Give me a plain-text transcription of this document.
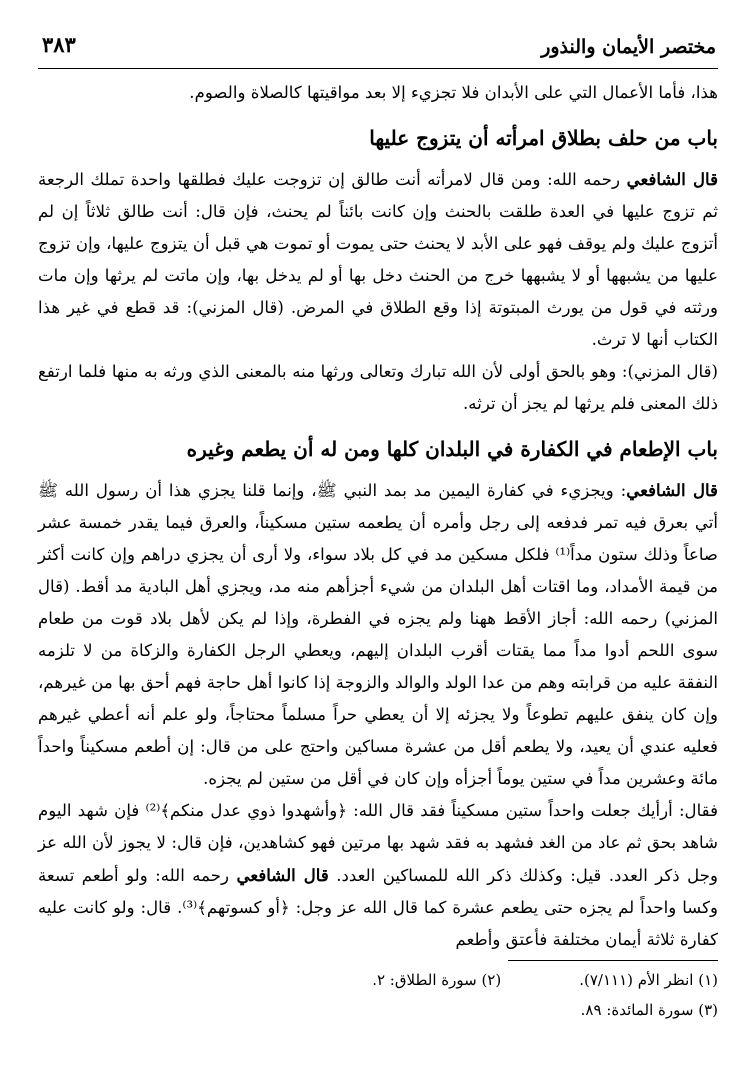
مختصر الأيمان والنذور
٣٨٣

هذا، فأما الأعمال التي على الأبدان فلا تجزيء إلا بعد مواقيتها كالصلاة والصوم.

باب من حلف بطلاق امرأته أن يتزوج عليها

قال الشافعي رحمه الله: ومن قال لامرأته أنت طالق إن تزوجت عليك فطلقها واحدة تملك الرجعة ثم تزوج عليها في العدة طلقت بالحنث وإن كانت بائناً لم يحنث، فإن قال: أنت طالق ثلاثاً إن لم أتزوج عليك ولم يوقف فهو على الأبد لا يحنث حتى يموت أو تموت هي قبل أن يتزوج عليها، وإن تزوج عليها من يشبهها أو لا يشبهها خرج من الحنث دخل بها أو لم يدخل بها، وإن ماتت لم يرثها وإن مات ورثته في قول من يورث المبتوتة إذا وقع الطلاق في المرض. (قال المزني): قد قطع في غير هذا الكتاب أنها لا ترث.

(قال المزني): وهو بالحق أولى لأن الله تبارك وتعالى ورثها منه بالمعنى الذي ورثه به منها فلما ارتفع ذلك المعنى فلم يرثها لم يجز أن ترثه.

باب الإطعام في الكفارة في البلدان كلها ومن له أن يطعم وغيره

قال الشافعي: ويجزيء في كفارة اليمين مد بمد النبي ﷺ، وإنما قلنا يجزي هذا أن رسول الله ﷺ أتي بعرق فيه تمر فدفعه إلى رجل وأمره أن يطعمه ستين مسكيناً، والعرق فيما يقدر خمسة عشر صاعاً وذلك ستون مداً⁽¹⁾ فلكل مسكين مد في كل بلاد سواء، ولا أرى أن يجزي دراهم وإن كانت أكثر من قيمة الأمداد، وما اقتات أهل البلدان من شيء أجزأهم منه مد، ويجزي أهل البادية مد أقط. (قال المزني) رحمه الله: أجاز الأقط ههنا ولم يجزه في الفطرة، وإذا لم يكن لأهل بلاد قوت من طعام سوى اللحم أدوا مداً مما يقتات أقرب البلدان إليهم، ويعطي الرجل الكفارة والزكاة من لا تلزمه النفقة عليه من قرابته وهم من عدا الولد والوالد والزوجة إذا كانوا أهل حاجة فهم أحق بها من غيرهم، وإن كان ينفق عليهم تطوعاً ولا يجزئه إلا أن يعطي حراً مسلماً محتاجاً، ولو علم أنه أعطي غيرهم فعليه عندي أن يعيد، ولا يطعم أقل من عشرة مساكين واحتج على من قال: إن أطعم مسكيناً واحداً مائة وعشرين مداً في ستين يوماً أجزأه وإن كان في أقل من ستين لم يجزه.

فقال: أرأيك جعلت واحداً ستين مسكيناً فقد قال الله: ﴿وأشهدوا ذوي عدل منكم﴾⁽²⁾ فإن شهد اليوم شاهد بحق ثم عاد من الغد فشهد به فقد شهد بها مرتين فهو كشاهدين، فإن قال: لا يجوز لأن الله عز وجل ذكر العدد. قيل: وكذلك ذكر الله للمساكين العدد. قال الشافعي رحمه الله: ولو أطعم تسعة وكسا واحداً لم يجزه حتى يطعم عشرة كما قال الله عز وجل: ﴿أو كسوتهم﴾⁽³⁾. قال: ولو كانت عليه كفارة ثلاثة أيمان مختلفة فأعتق وأطعم

(١) انظر الأم (٧/١١١).
(٢) سورة الطلاق: ٢.
(٣) سورة المائدة: ٨٩.
